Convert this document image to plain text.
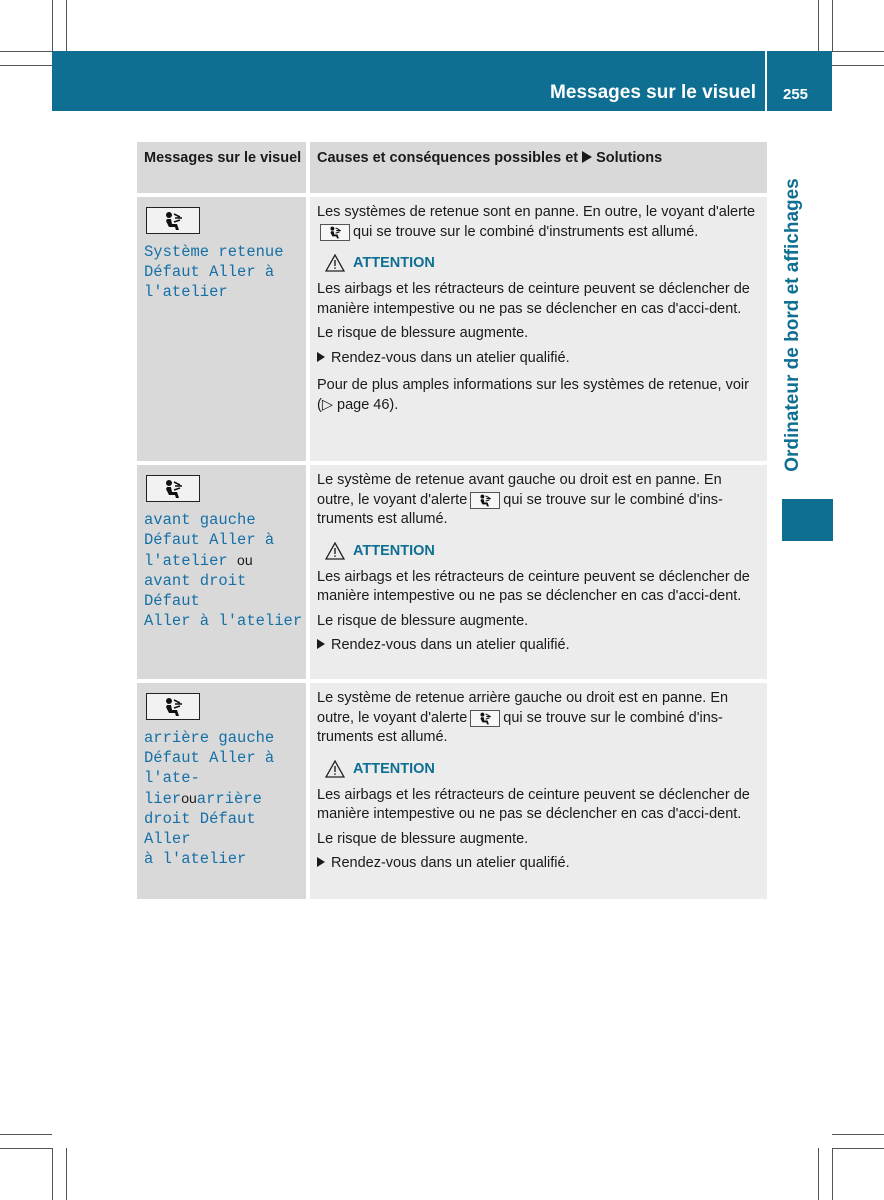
Messages sur le visuel	255
Ordinateur de bord et affichages
Messages sur le visuel	Causes et conséquences possibles et Solutions
Système retenue
Défaut Aller à
l'atelier
Les systèmes de retenue sont en panne. En outre, le voyant d'alerte
qui se trouve sur le combiné d'instruments est allumé.
ATTENTION
Les airbags et les rétracteurs de ceinture peuvent se déclencher de manière intempestive ou ne pas se déclencher en cas d'acci-dent.
Le risque de blessure augmente.
Rendez-vous dans un atelier qualifié.
Pour de plus amples informations sur les systèmes de retenue, voir (▷ page 46).
avant gauche
Défaut Aller à
l'atelier ou
avant droit Défaut
Aller à l'atelier
Le système de retenue avant gauche ou droit est en panne. En outre, le voyant d'alerte qui se trouve sur le combiné d'ins-truments est allumé.
ATTENTION
Les airbags et les rétracteurs de ceinture peuvent se déclencher de manière intempestive ou ne pas se déclencher en cas d'acci-dent.
Le risque de blessure augmente.
Rendez-vous dans un atelier qualifié.
arrière gauche
Défaut Aller à
l'ate-
lierouarrière
droit Défaut Aller
à l'atelier
Le système de retenue arrière gauche ou droit est en panne. En outre, le voyant d'alerte qui se trouve sur le combiné d'ins-truments est allumé.
ATTENTION
Les airbags et les rétracteurs de ceinture peuvent se déclencher de manière intempestive ou ne pas se déclencher en cas d'acci-dent.
Le risque de blessure augmente.
Rendez-vous dans un atelier qualifié.
